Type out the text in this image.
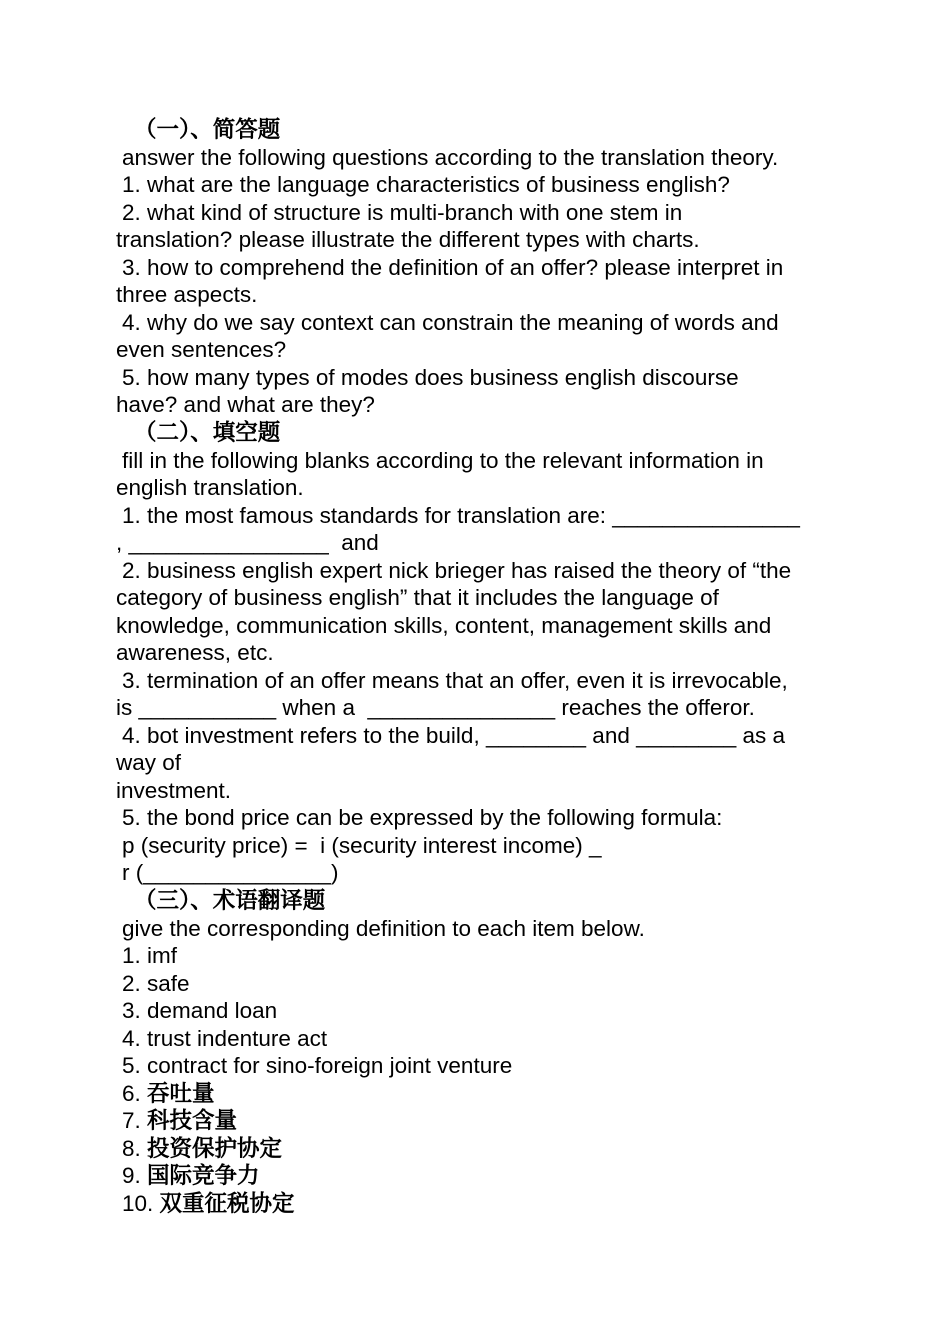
（一）、简答题

answer the following questions according to the translation theory.

1. what are the language characteristics of business english?

2. what kind of structure is multi-branch with one stem in

translation? please illustrate the different types with charts.

3. how to comprehend the definition of an offer? please interpret in

three aspects.

4. why do we say context can constrain the meaning of words and

even sentences?

5. how many types of modes does business english discourse

have? and what are they?

（二）、填空题

fill in the following blanks according to the relevant information in

english translation.

1. the most famous standards for translation are: _______________

, ________________  and

2. business english expert nick brieger has raised the theory of “the

category of business english” that it includes the language of

knowledge, communication skills, content, management skills and

awareness, etc.

3. termination of an offer means that an offer, even it is irrevocable,

is ___________ when a  _______________ reaches the offeror.

4. bot investment refers to the build, ________ and ________ as a

way of

investment.

5. the bond price can be expressed by the following formula:

p (security price) =  i (security interest income) _

r (_______________)

（三）、术语翻译题

give the corresponding definition to each item below.

1. imf

2. safe

3. demand loan

4. trust indenture act

5. contract for sino-foreign joint venture

6. 吞吐量

7. 科技含量

8. 投资保护协定

9. 国际竞争力

10. 双重征税协定
